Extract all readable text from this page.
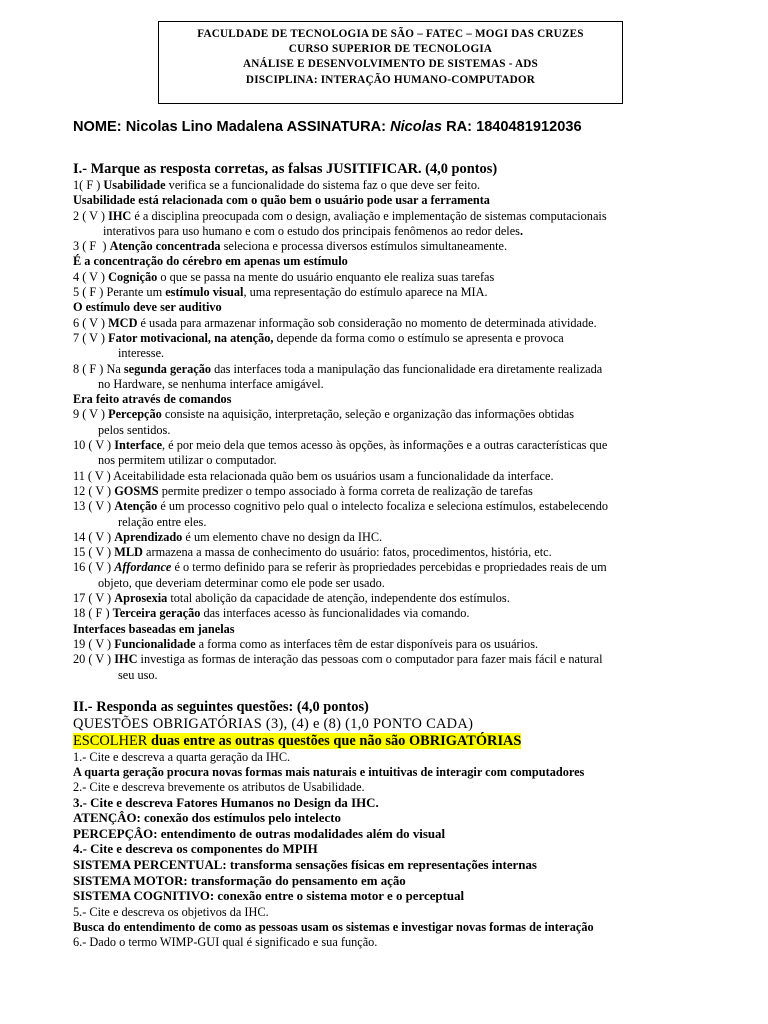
FACULDADE DE TECNOLOGIA DE SÃO – FATEC – MOGI DAS CRUZES
CURSO SUPERIOR DE TECNOLOGIA
ANÁLISE E DESENVOLVIMENTO DE SISTEMAS - ADS
DISCIPLINA: INTERAÇÃO HUMANO-COMPUTADOR
NOME: Nicolas Lino Madalena ASSINATURA: Nicolas RA: 1840481912036

I.- Marque as resposta corretas, as falsas JUSITIFICAR. (4,0 pontos)

1( F ) Usabilidade verifica se a funcionalidade do sistema faz o que deve ser feito.

Usabilidade está relacionada com o quão bem o usuário pode usar a ferramenta

2 ( V ) IHC é a disciplina preocupada com o design, avaliação e implementação de sistemas computacionais

interativos para uso humano e com o estudo dos principais fenômenos ao redor deles.

3 ( F  ) Atenção concentrada seleciona e processa diversos estímulos simultaneamente.

É a concentração do cérebro em apenas um estímulo

4 ( V ) Cognição o que se passa na mente do usuário enquanto ele realiza suas tarefas

5 ( F ) Perante um estímulo visual, uma representação do estímulo aparece na MIA.

O estímulo deve ser auditivo

6 ( V ) MCD é usada para armazenar informação sob consideração no momento de determinada atividade.

7 ( V ) Fator motivacional, na atenção, depende da forma como o estímulo se apresenta e provoca

interesse.

8 ( F ) Na segunda geração das interfaces toda a manipulação das funcionalidade era diretamente realizada

no Hardware, se nenhuma interface amigável.

Era feito através de comandos

9 ( V ) Percepção consiste na aquisição, interpretação, seleção e organização das informações obtidas

pelos sentidos.

10 ( V ) Interface, é por meio dela que temos acesso às opções, às informações e a outras características que

nos permitem utilizar o computador.

11 ( V ) Aceitabilidade esta relacionada quão bem os usuários usam a funcionalidade da interface.

12 ( V ) GOSMS permite predizer o tempo associado à forma correta de realização de tarefas

13 ( V ) Atenção é um processo cognitivo pelo qual o intelecto focaliza e seleciona estímulos, estabelecendo

relação entre eles.

14 ( V ) Aprendizado é um elemento chave no design da IHC.

15 ( V ) MLD armazena a massa de conhecimento do usuário: fatos, procedimentos, história, etc.

16 ( V ) Affordance é o termo definido para se referir às propriedades percebidas e propriedades reais de um

objeto, que deveriam determinar como ele pode ser usado.

17 ( V ) Aprosexia total abolição da capacidade de atenção, independente dos estímulos.

18 ( F ) Terceira geração das interfaces acesso às funcionalidades via comando.

Interfaces baseadas em janelas

19 ( V ) Funcionalidade a forma como as interfaces têm de estar disponíveis para os usuários.

20 ( V ) IHC investiga as formas de interação das pessoas com o computador para fazer mais fácil e natural

seu uso.

II.- Responda as seguintes questões: (4,0 pontos)

QUESTÕES OBRIGATÓRIAS (3), (4) e (8) (1,0 PONTO CADA)

ESCOLHER duas entre as outras questões que não são OBRIGATÓRIAS

1.- Cite e descreva a quarta geração da IHC.

A quarta geração procura novas formas mais naturais e intuitivas de interagir com computadores

2.- Cite e descreva brevemente os atributos de Usabilidade.

3.- Cite e descreva Fatores Humanos no Design da IHC.

ATENÇÂO: conexão dos estímulos pelo intelecto

PERCEPÇÂO: entendimento de outras modalidades além do visual

4.- Cite e descreva os componentes do MPIH

SISTEMA PERCENTUAL: transforma sensações físicas em representações internas

SISTEMA MOTOR: transformação do pensamento em ação

SISTEMA COGNITIVO: conexão entre o sistema motor e o perceptual

5.- Cite e descreva os objetivos da IHC.

Busca do entendimento de como as pessoas usam os sistemas e investigar novas formas de interação

6.- Dado o termo WIMP-GUI qual é significado e sua função.
